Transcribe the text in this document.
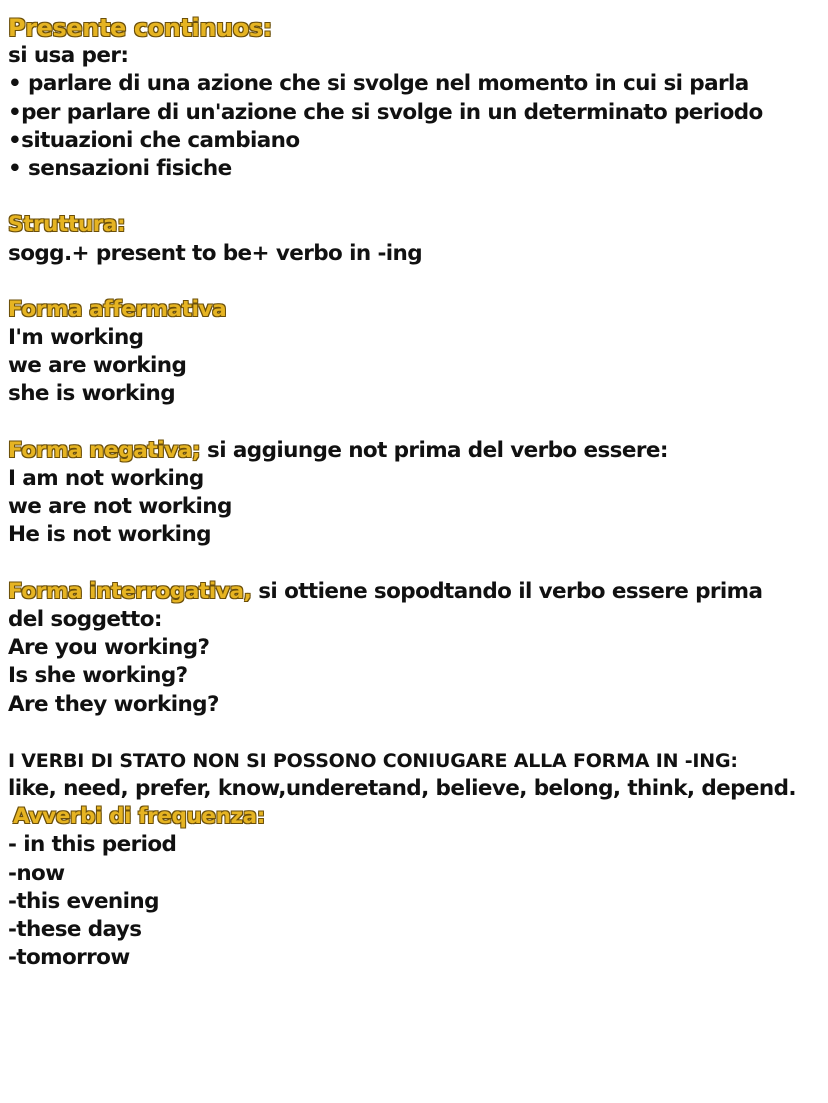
Presente continuos:
si usa per:
• parlare di una azione che si svolge nel momento in cui si parla
•per parlare di un'azione che si svolge in un determinato periodo
•situazioni che cambiano
• sensazioni fisiche
Struttura:
sogg.+ present to be+ verbo in -ing
Forma affermativa
I'm working
we are working
she is working
Forma negativa; si aggiunge not prima del verbo essere:
I am not working
we are not working
He is not working
Forma interrogativa, si ottiene sopodtando il verbo essere prima
del soggetto:
Are you working?
Is she working?
Are they working?
I VERBI DI STATO NON SI POSSONO CONIUGARE ALLA FORMA IN -ING:
like, need, prefer, know,underetand, believe, belong, think, depend.
Avverbi di frequenza:
- in this period
-now
-this evening
-these days
-tomorrow
